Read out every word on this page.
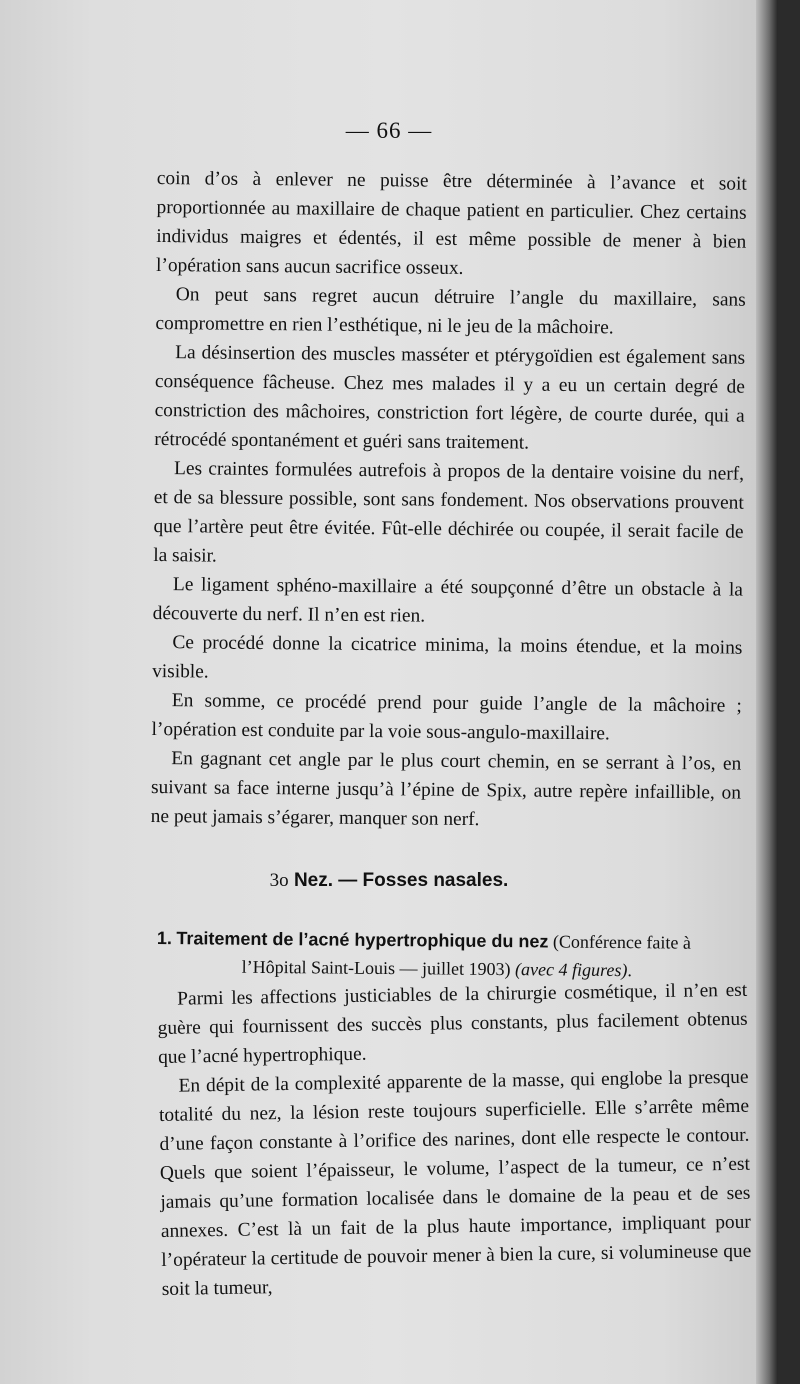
— 66 —

coin d’os à enlever ne puisse être déterminée à l’avance et soit proportionnée au maxillaire de chaque patient en particulier. Chez certains individus maigres et édentés, il est même possible de mener à bien l’opération sans aucun sacrifice osseux.

On peut sans regret aucun détruire l’angle du maxillaire, sans compromettre en rien l’esthétique, ni le jeu de la mâchoire.

La désinsertion des muscles masséter et ptérygoïdien est également sans conséquence fâcheuse. Chez mes malades il y a eu un certain degré de constriction des mâchoires, constriction fort légère, de courte durée, qui a rétrocédé spontanément et guéri sans traitement.

Les craintes formulées autrefois à propos de la dentaire voisine du nerf, et de sa blessure possible, sont sans fondement. Nos observations prouvent que l’artère peut être évitée. Fût-elle déchirée ou coupée, il serait facile de la saisir.

Le ligament sphéno-maxillaire a été soupçonné d’être un obstacle à la découverte du nerf. Il n’en est rien.

Ce procédé donne la cicatrice minima, la moins étendue, et la moins visible.

En somme, ce procédé prend pour guide l’angle de la mâchoire ; l’opération est conduite par la voie sous-angulo-maxillaire.

En gagnant cet angle par le plus court chemin, en se serrant à l’os, en suivant sa face interne jusqu’à l’épine de Spix, autre repère infaillible, on ne peut jamais s’égarer, manquer son nerf.

3o Nez. — Fosses nasales.
1. Traitement de l’acné hypertrophique du nez (Conférence faite à
l’Hôpital Saint-Louis — juillet 1903) (avec 4 figures).

Parmi les affections justiciables de la chirurgie cosmétique, il n’en est guère qui fournissent des succès plus constants, plus facilement obtenus que l’acné hypertrophique.

En dépit de la complexité apparente de la masse, qui englobe la presque totalité du nez, la lésion reste toujours superficielle. Elle s’arrête même d’une façon constante à l’orifice des narines, dont elle respecte le contour. Quels que soient l’épaisseur, le volume, l’aspect de la tumeur, ce n’est jamais qu’une formation localisée dans le domaine de la peau et de ses annexes. C’est là un fait de la plus haute importance, impliquant pour l’opérateur la certitude de pouvoir mener à bien la cure, si volumineuse que soit la tumeur,
